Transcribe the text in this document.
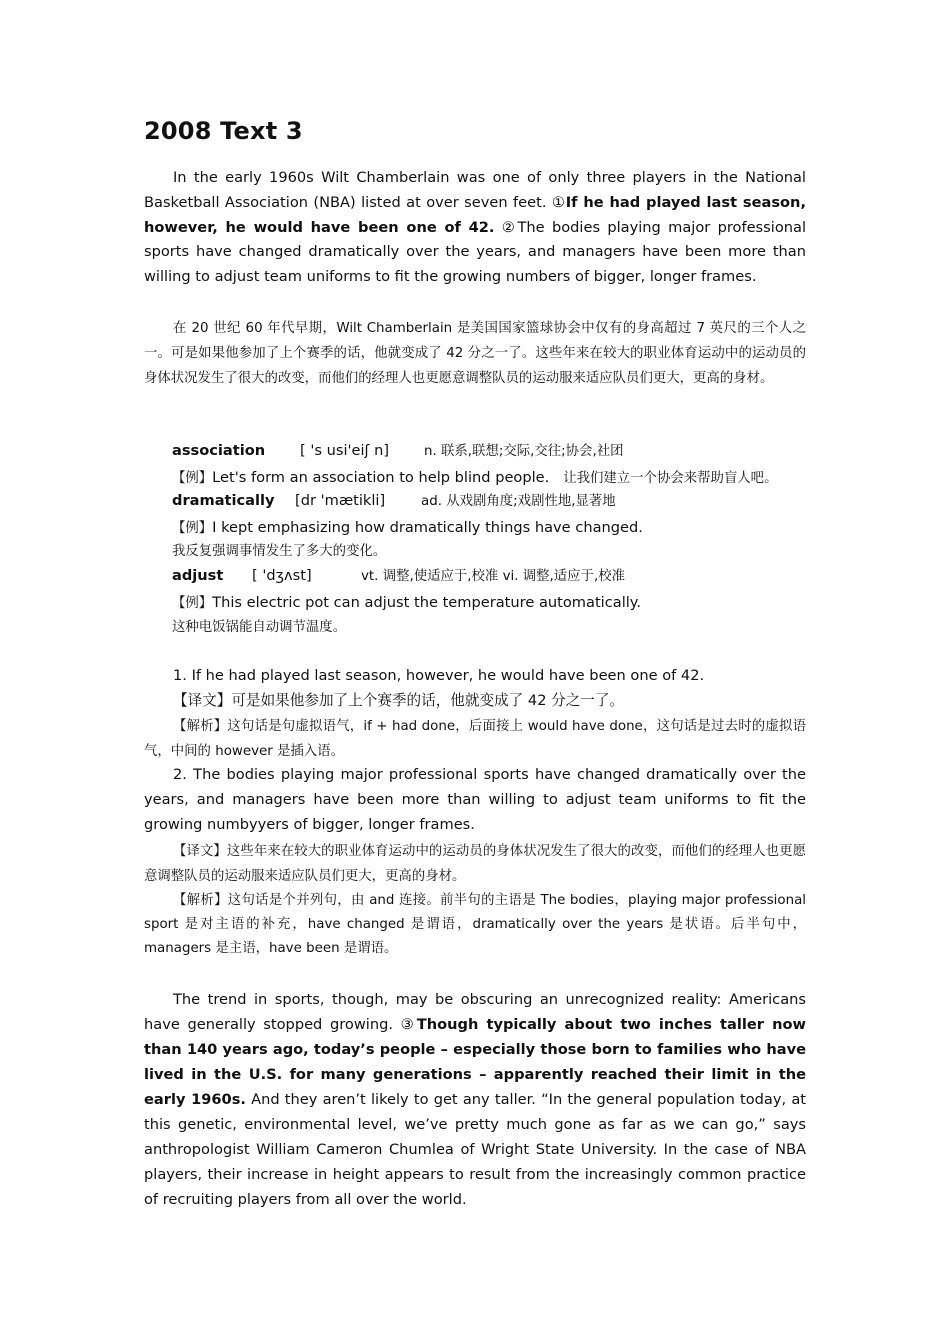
2008 Text 3
In the early 1960s Wilt Chamberlain was one of only three players in the National Basketball Association (NBA) listed at over seven feet. ①If he had played last season, however, he would have been one of 42. ②The bodies playing major professional sports have changed dramatically over the years, and managers have been more than willing to adjust team uniforms to fit the growing numbers of bigger, longer frames.
在 20 世纪 60 年代早期，Wilt Chamberlain 是美国国家篮球协会中仅有的身高超过 7 英尺的三个人之一。可是如果他参加了上个赛季的话，他就变成了 42 分之一了。这些年来在较大的职业体育运动中的运动员的身体状况发生了很大的改变，而他们的经理人也更愿意调整队员的运动服来适应队员们更大，更高的身材。
association [ 's usi'eiʃ n]	n. 联系,联想;交际,交往;协会,社团
【例】Let's form an association to help blind people. 让我们建立一个协会来帮助盲人吧。
dramatically [dr 'mætikli]	ad. 从戏剧角度;戏剧性地,显著地
【例】I kept emphasizing how dramatically things have changed.
我反复强调事情发生了多大的变化。
adjust [ 'dʒʌst]	vt. 调整,使适应于,校准 vi. 调整,适应于,校准
【例】This electric pot can adjust the temperature automatically.
这种电饭锅能自动调节温度。
1. If he had played last season, however, he would have been one of 42.
【译文】可是如果他参加了上个赛季的话，他就变成了 42 分之一了。
【解析】这句话是句虚拟语气，if + had done，后面接上 would have done，这句话是过去时的虚拟语气，中间的 however 是插入语。
2. The bodies playing major professional sports have changed dramatically over the years, and managers have been more than willing to adjust team uniforms to fit the growing numbyyers of bigger, longer frames.
【译文】这些年来在较大的职业体育运动中的运动员的身体状况发生了很大的改变，而他们的经理人也更愿意调整队员的运动服来适应队员们更大，更高的身材。
【解析】这句话是个并列句，由 and 连接。前半句的主语是 The bodies，playing major professional sport 是对主语的补充，have changed 是谓语，dramatically over the years 是状语。后半句中，managers 是主语，have been 是谓语。
The trend in sports, though, may be obscuring an unrecognized reality: Americans have generally stopped growing. ③Though typically about two inches taller now than 140 years ago, today’s people – especially those born to families who have lived in the U.S. for many generations – apparently reached their limit in the early 1960s. And they aren’t likely to get any taller. “In the general population today, at this genetic, environmental level, we’ve pretty much gone as far as we can go,” says anthropologist William Cameron Chumlea of Wright State University. In the case of NBA players, their increase in height appears to result from the increasingly common practice of recruiting players from all over the world.
